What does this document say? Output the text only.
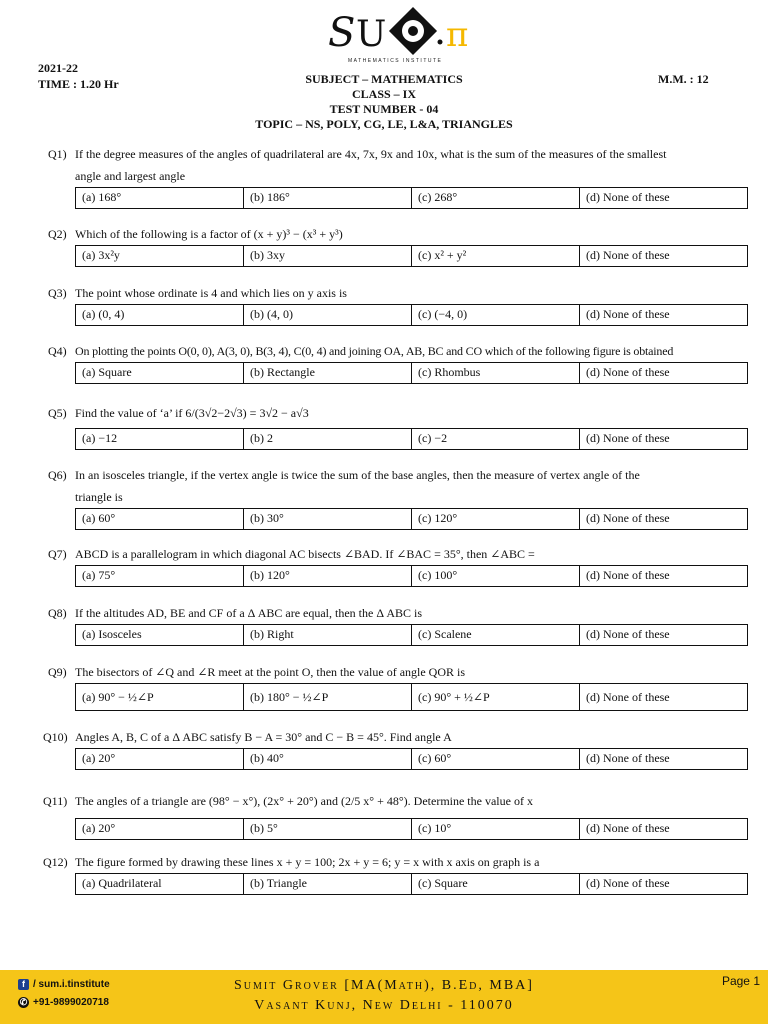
S U π
MATHEMATICS INSTITUTE
2021-22
TIME : 1.20 Hr	SUBJECT – MATHEMATICS
CLASS – IX
TEST NUMBER - 04
TOPIC – NS, POLY, CG, LE, L&A, TRIANGLES
M.M. : 12
Q1) If the degree measures of the angles of quadrilateral are 4x, 7x, 9x and 10x, what is the sum of the measures of the smallest
angle and largest angle
(a) 168°	(b) 186°	(c) 268°	(d) None of these
Q2) Which of the following is a factor of (x + y)³ − (x³ + y³)
(a) 3x²y	(b) 3xy	(c) x² + y²	(d) None of these
Q3) The point whose ordinate is 4 and which lies on y axis is
(a) (0, 4)	(b) (4, 0)	(c) (−4, 0)	(d) None of these
Q4) On plotting the points O(0, 0), A(3, 0), B(3, 4), C(0, 4) and joining OA, AB, BC and CO which of the following figure is obtained
(a) Square	(b) Rectangle	(c) Rhombus	(d) None of these
Q5) Find the value of ‘a’ if 6/(3√2−2√3) = 3√2 − a√3
(a) −12	(b) 2	(c) −2	(d) None of these
Q6) In an isosceles triangle, if the vertex angle is twice the sum of the base angles, then the measure of vertex angle of the
triangle is
(a) 60°	(b) 30°	(c) 120°	(d) None of these
Q7) ABCD is a parallelogram in which diagonal AC bisects ∠BAD. If ∠BAC = 35°, then ∠ABC =
(a) 75°	(b) 120°	(c) 100°	(d) None of these
Q8) If the altitudes AD, BE and CF of a Δ ABC are equal, then the Δ ABC is
(a) Isosceles	(b) Right	(c) Scalene	(d) None of these
Q9) The bisectors of ∠Q and ∠R meet at the point O, then the value of angle QOR is
(a) 90° − ½∠P	(b) 180° − ½∠P	(c) 90° + ½∠P	(d) None of these
Q10) Angles A, B, C of a Δ ABC satisfy B − A = 30° and C − B = 45°. Find angle A
(a) 20°	(b) 40°	(c) 60°	(d) None of these
Q11) The angles of a triangle are (98° − x°), (2x° + 20°) and (2/5 x° + 48°). Determine the value of x
(a) 20°	(b) 5°	(c) 10°	(d) None of these
Q12) The figure formed by drawing these lines x + y = 100; 2x + y = 6; y = x with x axis on graph is a
(a) Quadrilateral	(b) Triangle	(c) Square	(d) None of these
f / sum.i.tinstitute
✆ +91-9899020718
Sumit Grover [MA(Math), B.Ed, MBA]
Vasant Kunj, New Delhi - 110070
Page 1
